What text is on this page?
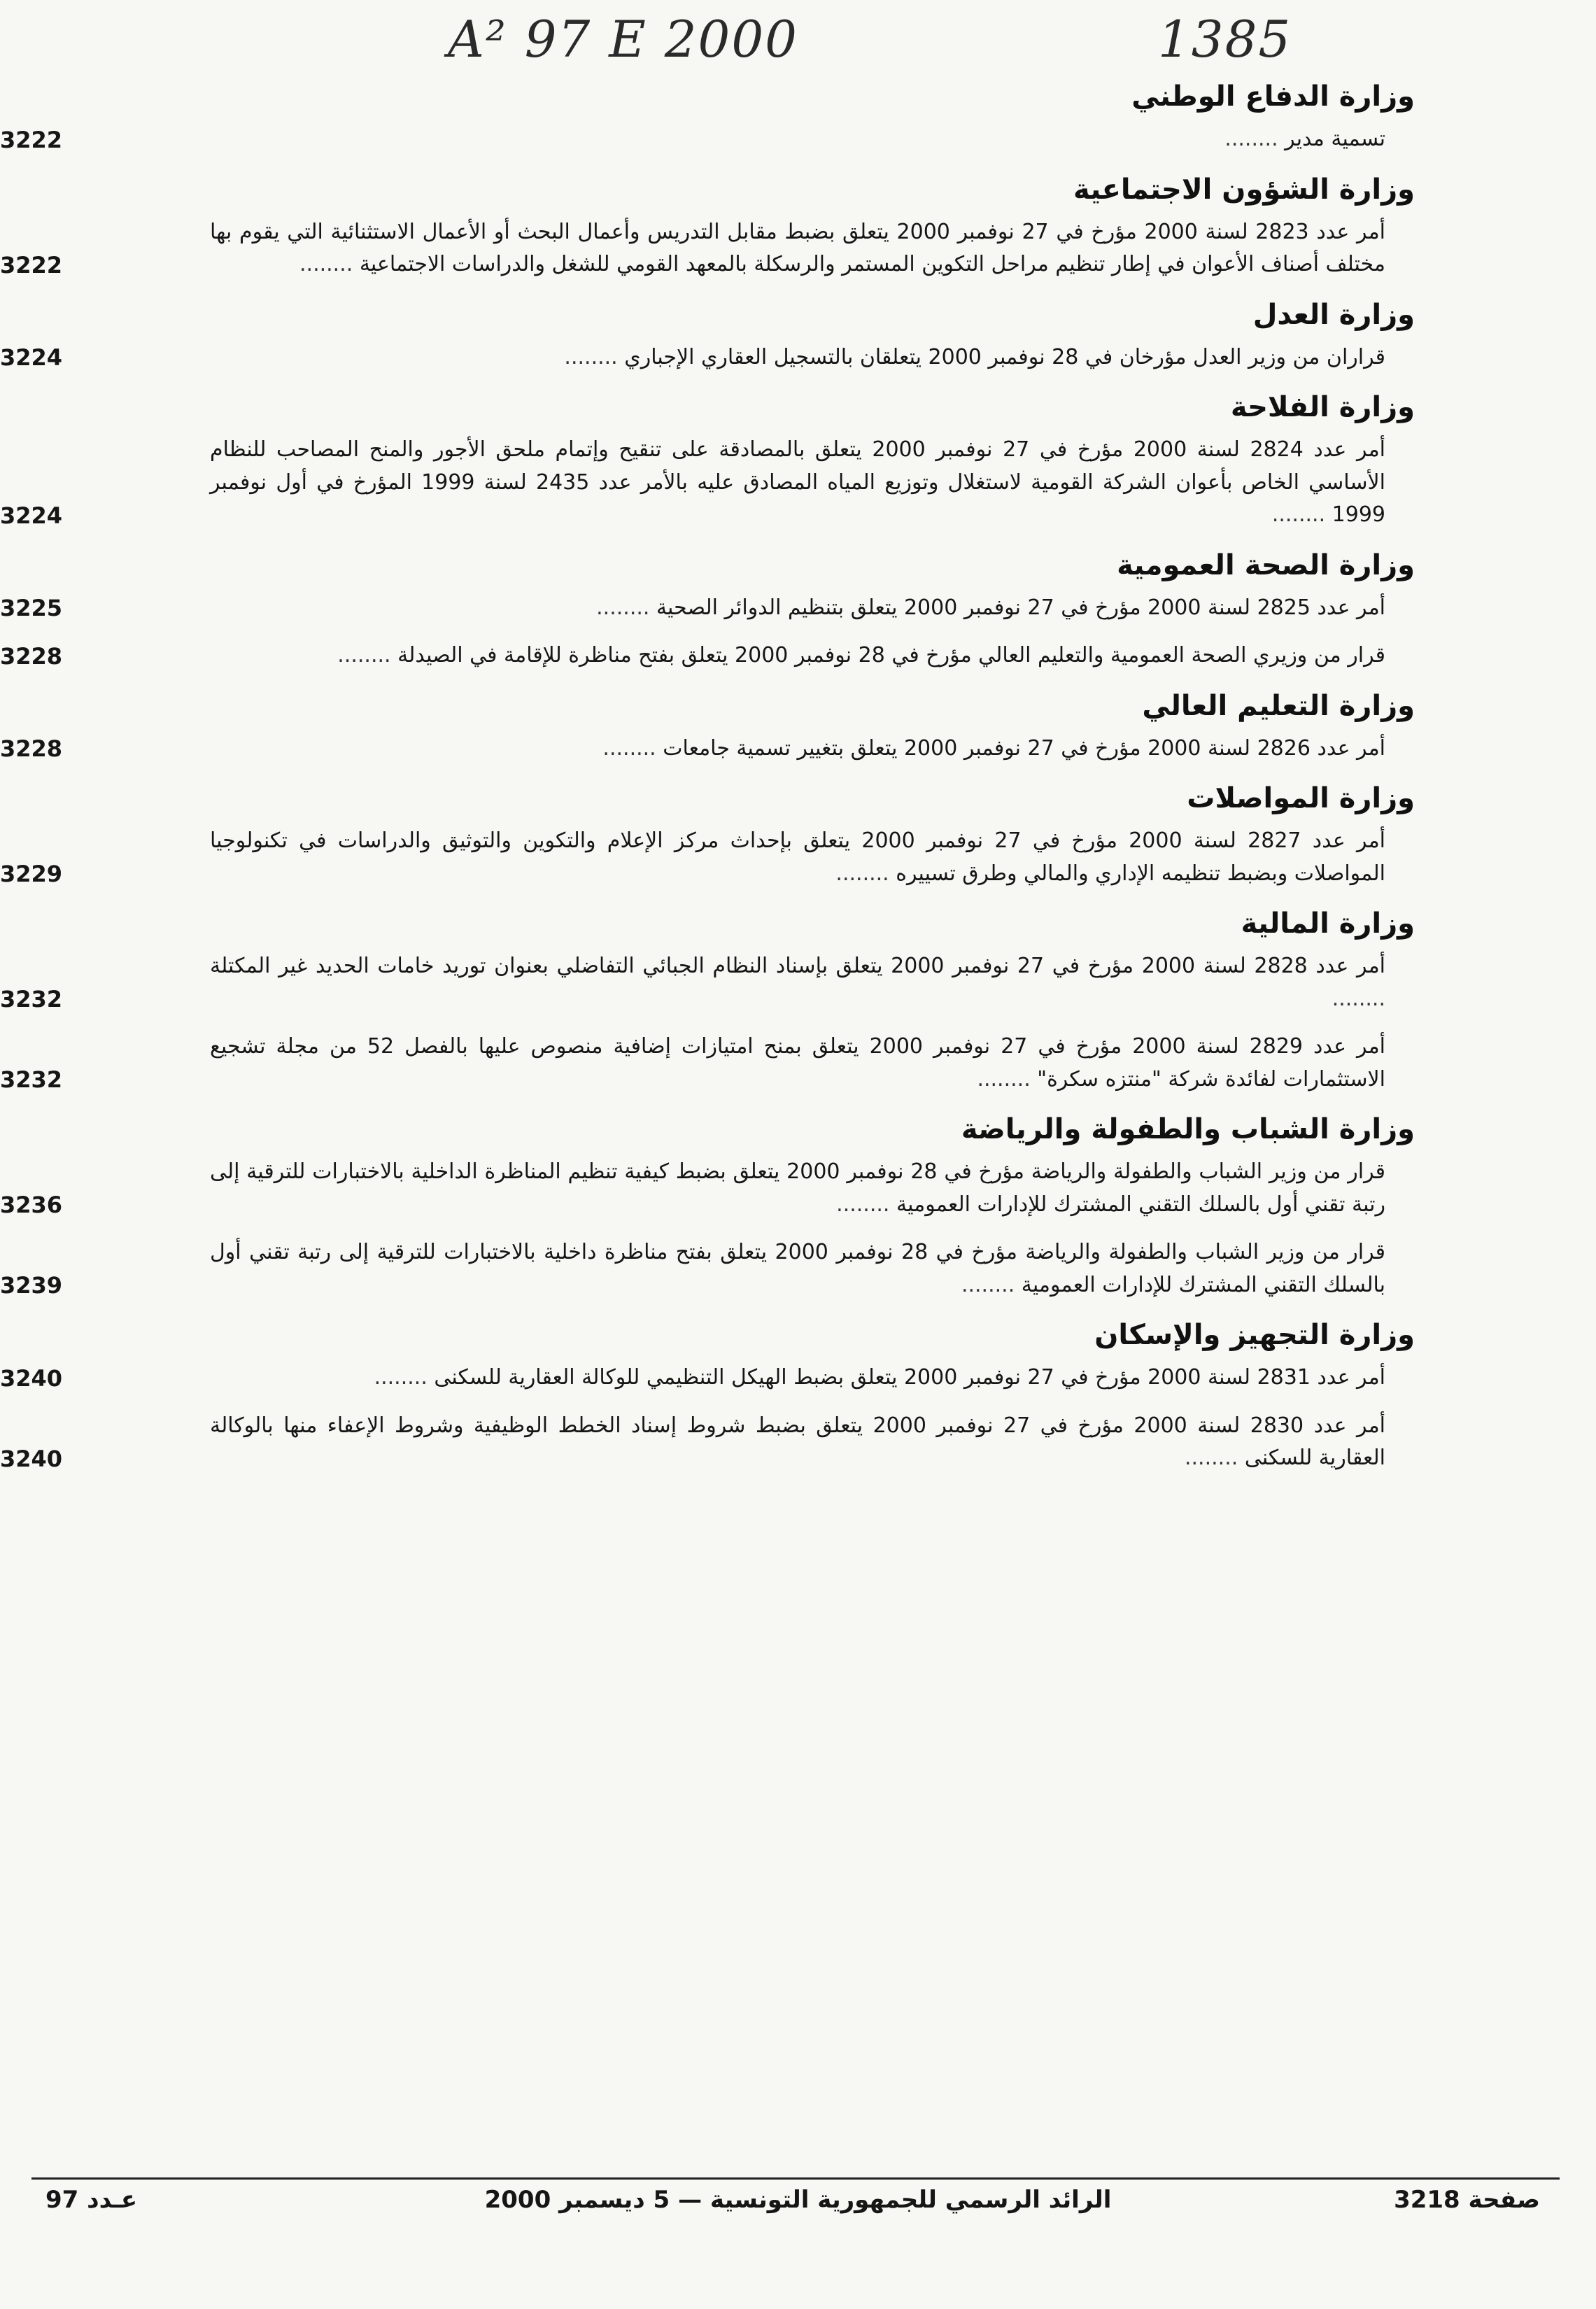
A² 97 E 2000	1385
وزارة الدفاع الوطني
تسمية مدير ........
3222
وزارة الشؤون الاجتماعية
أمر عدد 2823 لسنة 2000 مؤرخ في 27 نوفمبر 2000 يتعلق بضبط مقابل التدريس وأعمال البحث أو الأعمال الاستثنائية التي يقوم بها مختلف أصناف الأعوان في إطار تنظيم مراحل التكوين المستمر والرسكلة بالمعهد القومي للشغل والدراسات الاجتماعية ........
3222
وزارة العدل
قراران من وزير العدل مؤرخان في 28 نوفمبر 2000 يتعلقان بالتسجيل العقاري الإجباري ........
3224
وزارة الفلاحة
أمر عدد 2824 لسنة 2000 مؤرخ في 27 نوفمبر 2000 يتعلق بالمصادقة على تنقيح وإتمام ملحق الأجور والمنح المصاحب للنظام الأساسي الخاص بأعوان الشركة القومية لاستغلال وتوزيع المياه المصادق عليه بالأمر عدد 2435 لسنة 1999 المؤرخ في أول نوفمبر 1999 ........
3224
وزارة الصحة العمومية
أمر عدد 2825 لسنة 2000 مؤرخ في 27 نوفمبر 2000 يتعلق بتنظيم الدوائر الصحية ........
3225
قرار من وزيري الصحة العمومية والتعليم العالي مؤرخ في 28 نوفمبر 2000 يتعلق بفتح مناظرة للإقامة في الصيدلة ........
3228
وزارة التعليم العالي
أمر عدد 2826 لسنة 2000 مؤرخ في 27 نوفمبر 2000 يتعلق بتغيير تسمية جامعات ........
3228
وزارة المواصلات
أمر عدد 2827 لسنة 2000 مؤرخ في 27 نوفمبر 2000 يتعلق بإحداث مركز الإعلام والتكوين والتوثيق والدراسات في تكنولوجيا المواصلات وبضبط تنظيمه الإداري والمالي وطرق تسييره ........
3229
وزارة المالية
أمر عدد 2828 لسنة 2000 مؤرخ في 27 نوفمبر 2000 يتعلق بإسناد النظام الجبائي التفاضلي بعنوان توريد خامات الحديد غير المكتلة ........
3232
أمر عدد 2829 لسنة 2000 مؤرخ في 27 نوفمبر 2000 يتعلق بمنح امتيازات إضافية منصوص عليها بالفصل 52 من مجلة تشجيع الاستثمارات لفائدة شركة "منتزه سكرة" ........
3232
وزارة الشباب والطفولة والرياضة
قرار من وزير الشباب والطفولة والرياضة مؤرخ في 28 نوفمبر 2000 يتعلق بضبط كيفية تنظيم المناظرة الداخلية بالاختبارات للترقية إلى رتبة تقني أول بالسلك التقني المشترك للإدارات العمومية ........
3236
قرار من وزير الشباب والطفولة والرياضة مؤرخ في 28 نوفمبر 2000 يتعلق بفتح مناظرة داخلية بالاختبارات للترقية إلى رتبة تقني أول بالسلك التقني المشترك للإدارات العمومية ........
3239
وزارة التجهيز والإسكان
أمر عدد 2831 لسنة 2000 مؤرخ في 27 نوفمبر 2000 يتعلق بضبط الهيكل التنظيمي للوكالة العقارية للسكنى ........
3240
أمر عدد 2830 لسنة 2000 مؤرخ في 27 نوفمبر 2000 يتعلق بضبط شروط إسناد الخطط الوظيفية وشروط الإعفاء منها بالوكالة العقارية للسكنى ........
3240
صفحة 3218
الرائد الرسمي للجمهورية التونسية — 5 ديسمبر 2000
عـدد 97
